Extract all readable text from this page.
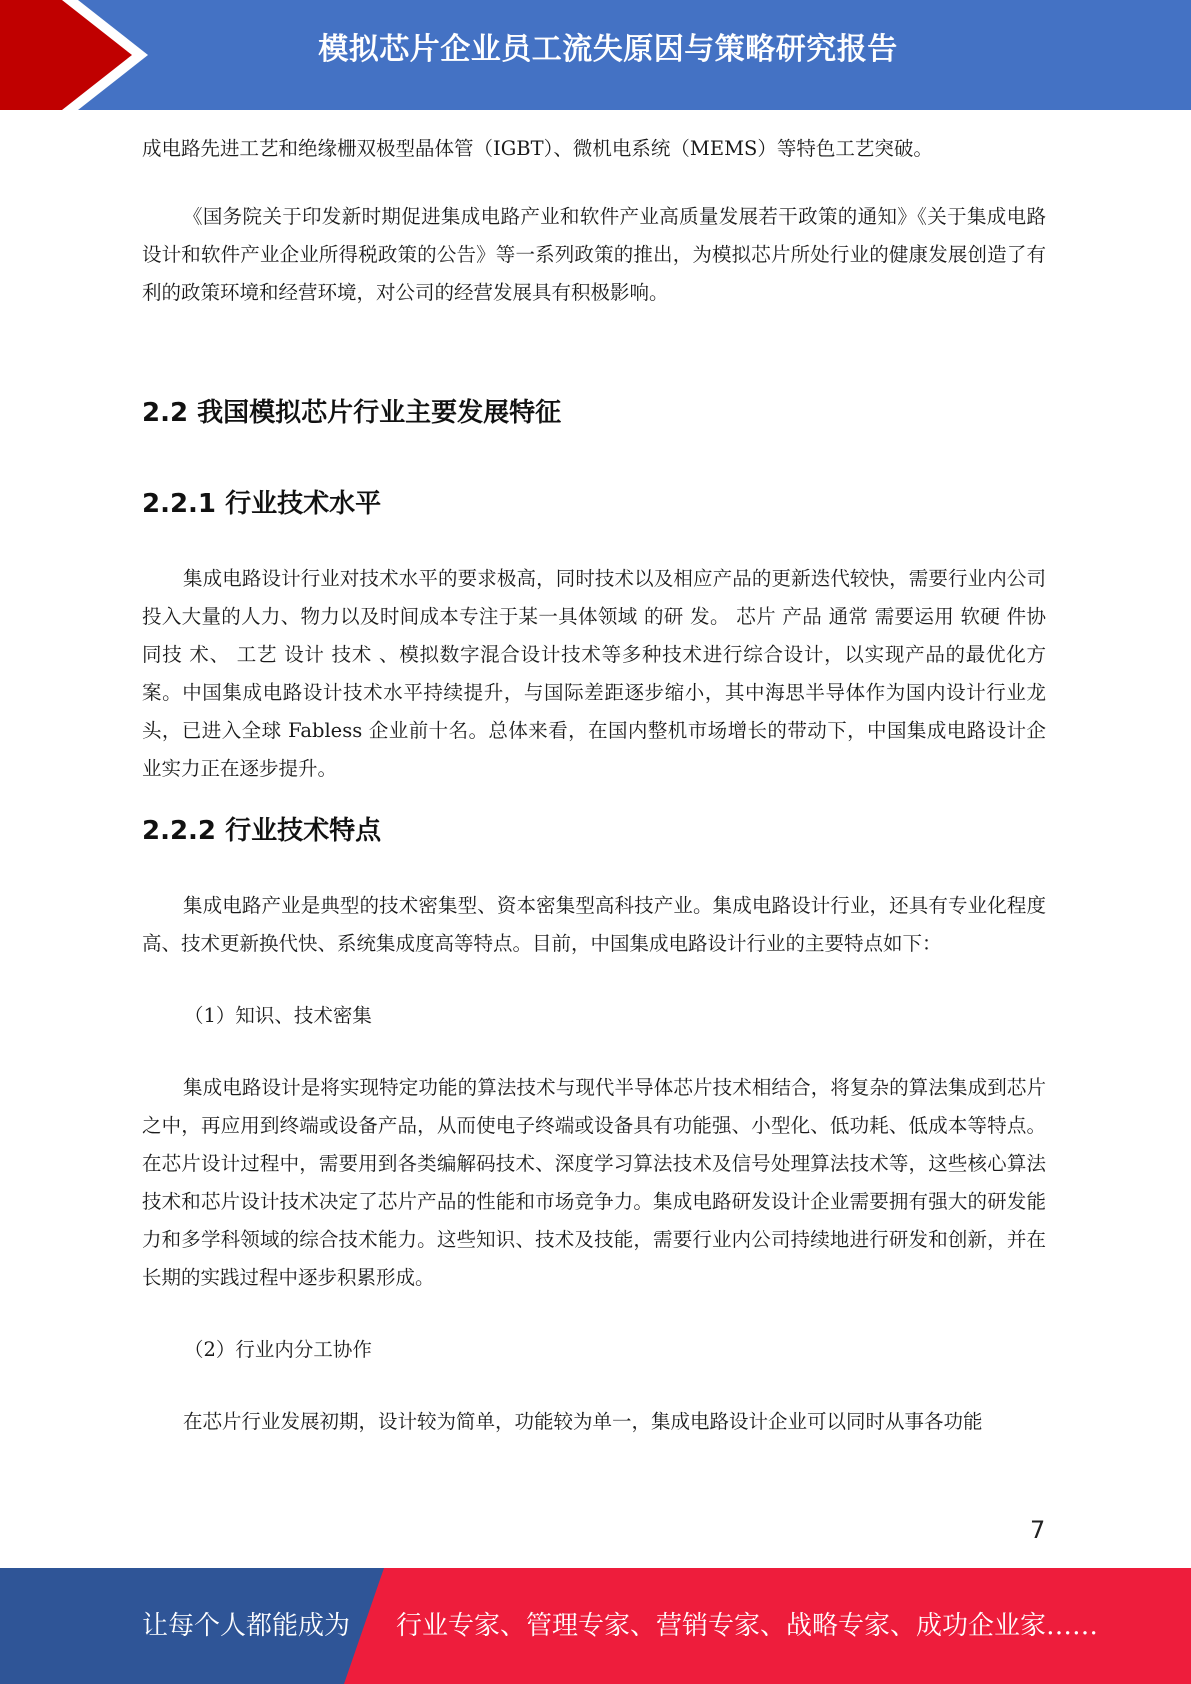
模拟芯片企业员工流失原因与策略研究报告

成电路先进工艺和绝缘栅双极型晶体管（IGBT）、微机电系统（MEMS）等特色工艺突破。

《国务院关于印发新时期促进集成电路产业和软件产业高质量发展若干政策的通知》《关于集成电路设计和软件产业企业所得税政策的公告》等一系列政策的推出，为模拟芯片所处行业的健康发展创造了有利的政策环境和经营环境，对公司的经营发展具有积极影响。

2.2 我国模拟芯片行业主要发展特征
2.2.1 行业技术水平

集成电路设计行业对技术水平的要求极高，同时技术以及相应产品的更新迭代较快，需要行业内公司投入大量的人力、物力以及时间成本专注于某一具体领域 的研 发。 芯片 产品 通常 需要运用 软硬 件协 同技 术、 工艺 设计 技术 、模拟数字混合设计技术等多种技术进行综合设计，以实现产品的最优化方案。中国集成电路设计技术水平持续提升，与国际差距逐步缩小，其中海思半导体作为国内设计行业龙头，已进入全球 Fabless 企业前十名。总体来看，在国内整机市场增长的带动下，中国集成电路设计企业实力正在逐步提升。

2.2.2 行业技术特点

集成电路产业是典型的技术密集型、资本密集型高科技产业。集成电路设计行业，还具有专业化程度高、技术更新换代快、系统集成度高等特点。目前，中国集成电路设计行业的主要特点如下：

（1）知识、技术密集

集成电路设计是将实现特定功能的算法技术与现代半导体芯片技术相结合，将复杂的算法集成到芯片之中，再应用到终端或设备产品，从而使电子终端或设备具有功能强、小型化、低功耗、低成本等特点。在芯片设计过程中，需要用到各类编解码技术、深度学习算法技术及信号处理算法技术等，这些核心算法技术和芯片设计技术决定了芯片产品的性能和市场竞争力。集成电路研发设计企业需要拥有强大的研发能力和多学科领域的综合技术能力。这些知识、技术及技能，需要行业内公司持续地进行研发和创新，并在长期的实践过程中逐步积累形成。

（2）行业内分工协作

在芯片行业发展初期，设计较为简单，功能较为单一，集成电路设计企业可以同时从事各功能

7
让每个人都能成为 行业专家、管理专家、营销专家、战略专家、成功企业家……
